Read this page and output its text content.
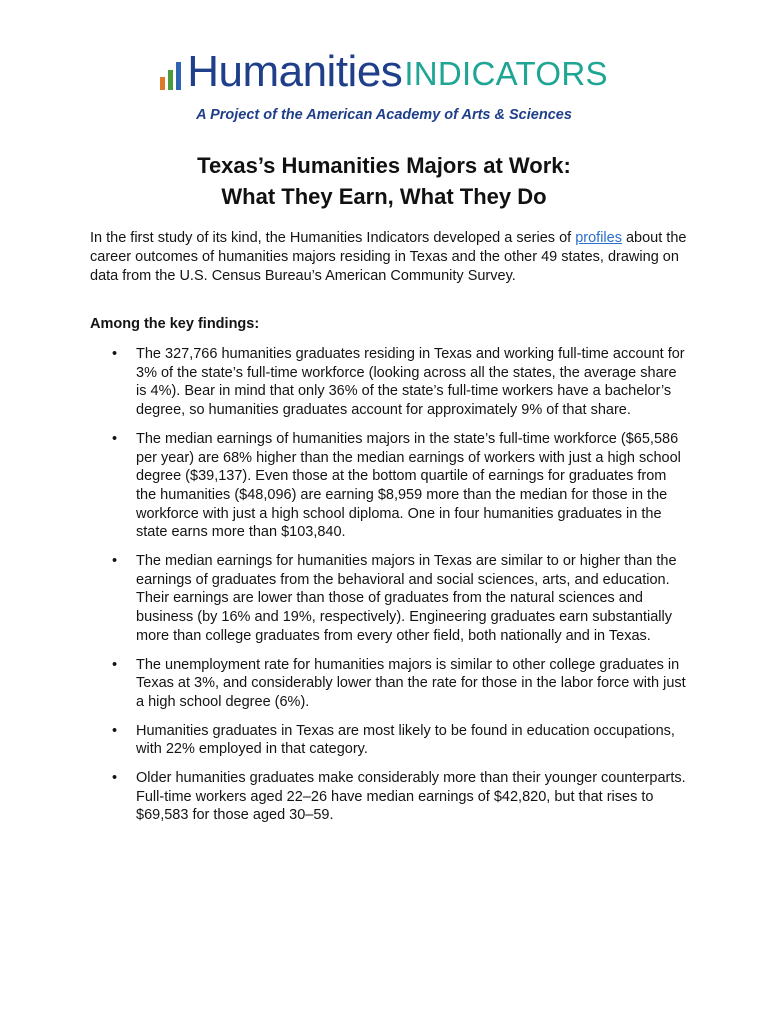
Humanities INDICATORS
A Project of the American Academy of Arts & Sciences
Texas’s Humanities Majors at Work:
What They Earn, What They Do

In the first study of its kind, the Humanities Indicators developed a series of profiles about the career outcomes of humanities majors residing in Texas and the other 49 states, drawing on data from the U.S. Census Bureau’s American Community Survey.

Among the key findings:
• The 327,766 humanities graduates residing in Texas and working full-time account for 3% of the state’s full-time workforce (looking across all the states, the average share is 4%). Bear in mind that only 36% of the state’s full-time workers have a bachelor’s degree, so humanities graduates account for approximately 9% of that share.
• The median earnings of humanities majors in the state’s full-time workforce ($65,586 per year) are 68% higher than the median earnings of workers with just a high school degree ($39,137). Even those at the bottom quartile of earnings for graduates from the humanities ($48,096) are earning $8,959 more than the median for those in the workforce with just a high school diploma. One in four humanities graduates in the state earns more than $103,840.
• The median earnings for humanities majors in Texas are similar to or higher than the earnings of graduates from the behavioral and social sciences, arts, and education. Their earnings are lower than those of graduates from the natural sciences and business (by 16% and 19%, respectively). Engineering graduates earn substantially more than college graduates from every other field, both nationally and in Texas.
• The unemployment rate for humanities majors is similar to other college graduates in Texas at 3%, and considerably lower than the rate for those in the labor force with just a high school degree (6%).
• Humanities graduates in Texas are most likely to be found in education occupations, with 22% employed in that category.
• Older humanities graduates make considerably more than their younger counterparts. Full-time workers aged 22–26 have median earnings of $42,820, but that rises to $69,583 for those aged 30–59.
